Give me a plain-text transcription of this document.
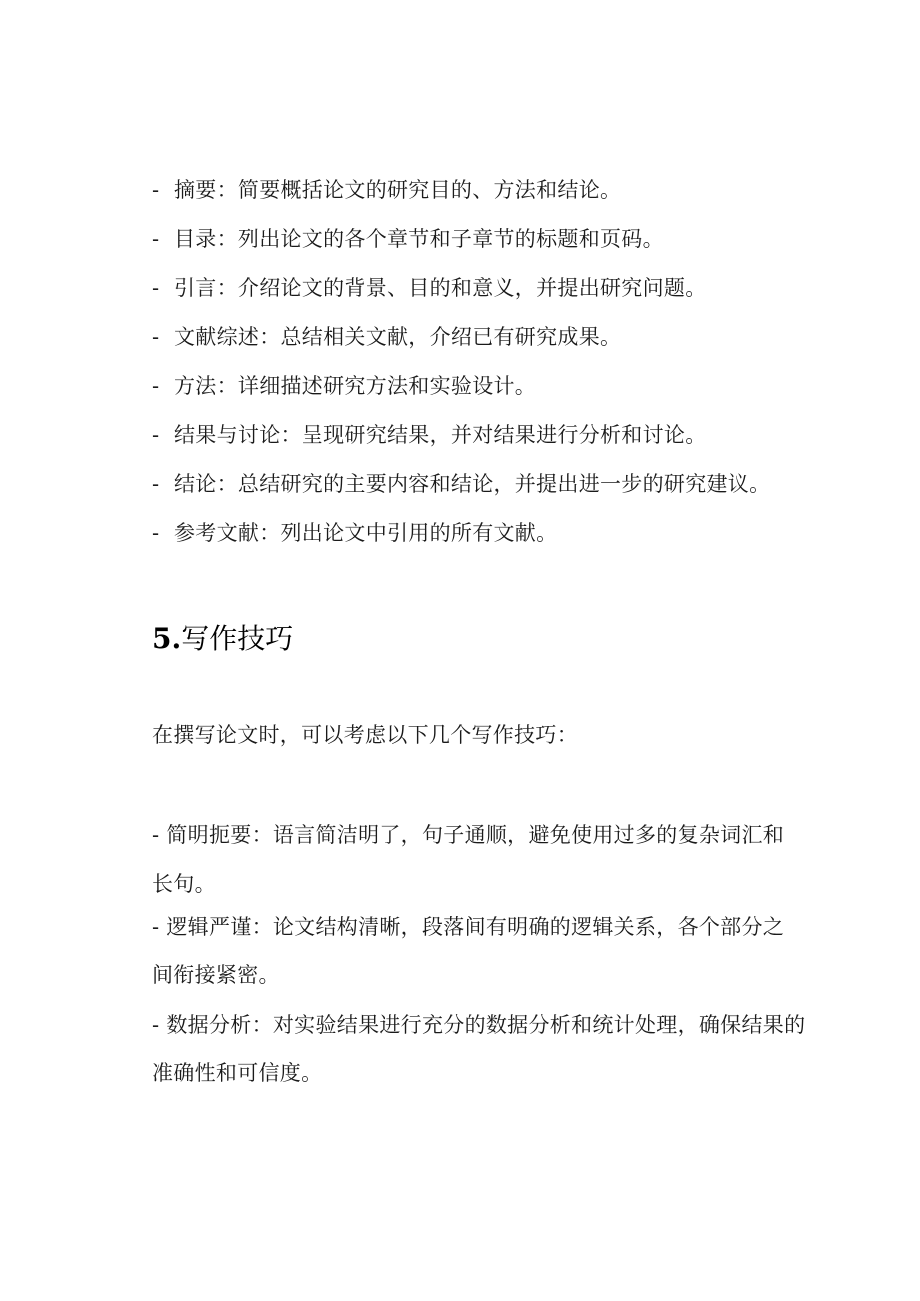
- 摘要：简要概括论文的研究目的、方法和结论。
- 目录：列出论文的各个章节和子章节的标题和页码。
- 引言：介绍论文的背景、目的和意义，并提出研究问题。
- 文献综述：总结相关文献，介绍已有研究成果。
- 方法：详细描述研究方法和实验设计。
- 结果与讨论：呈现研究结果，并对结果进行分析和讨论。
- 结论：总结研究的主要内容和结论，并提出进一步的研究建议。
- 参考文献：列出论文中引用的所有文献。
5.写作技巧
在撰写论文时，可以考虑以下几个写作技巧：
- 简明扼要：语言简洁明了，句子通顺，避免使用过多的复杂词汇和
长句。
- 逻辑严谨：论文结构清晰，段落间有明确的逻辑关系，各个部分之
间衔接紧密。
- 数据分析：对实验结果进行充分的数据分析和统计处理，确保结果的
准确性和可信度。
